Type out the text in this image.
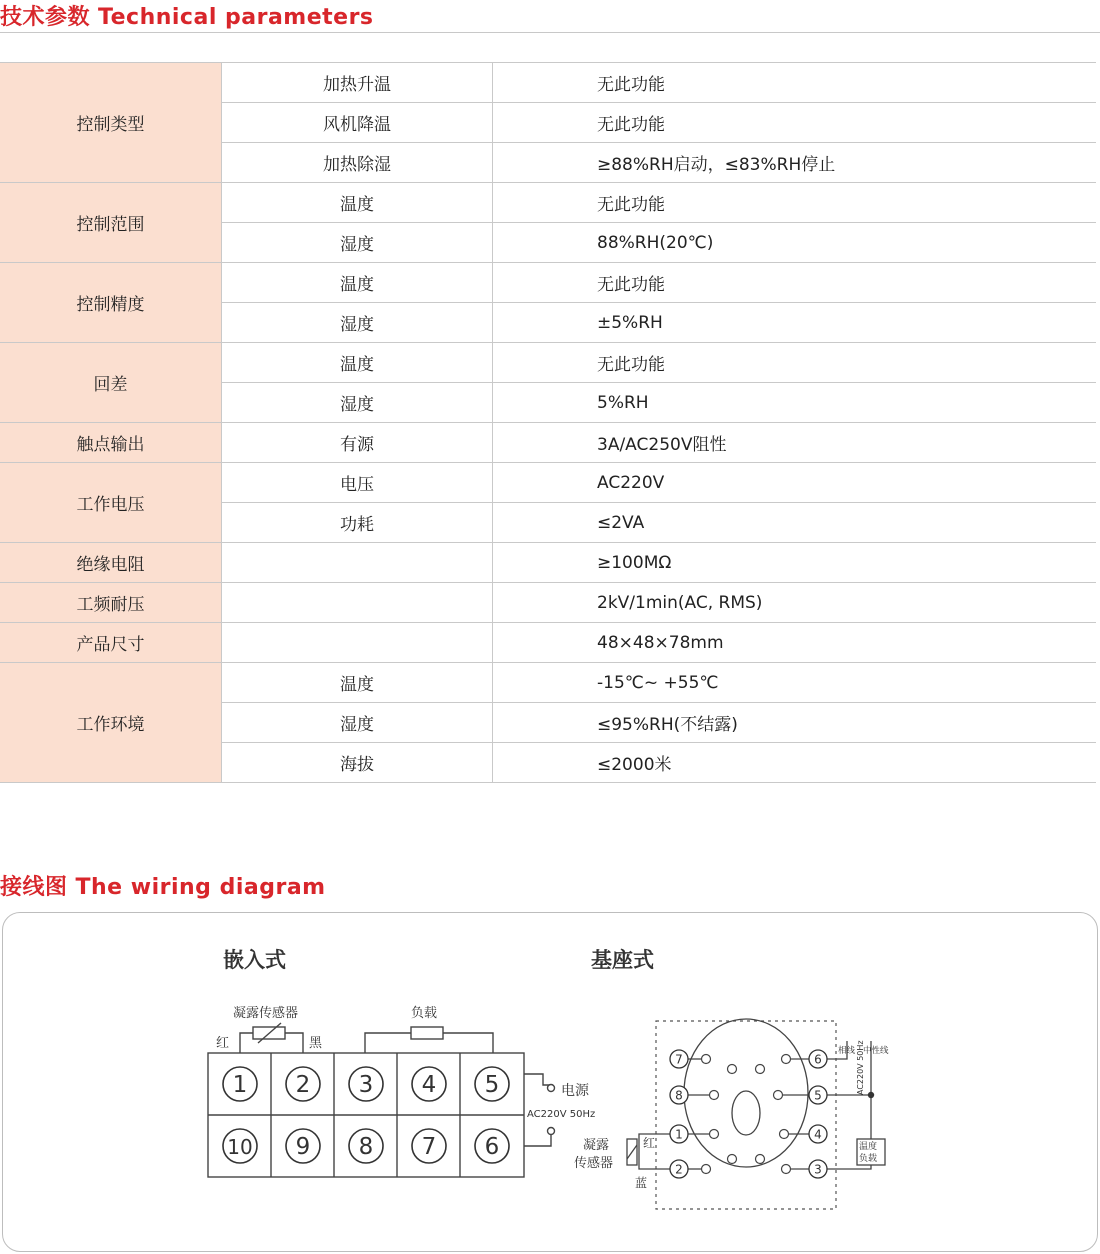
技术参数 Technical parameters
控制类型	加热升温	无此功能
	风机降温	无此功能
	加热除湿	≥88%RH启动，≤83%RH停止
控制范围	温度	无此功能
	湿度	88%RH(20℃)
控制精度	温度	无此功能
	湿度	±5%RH
回差	温度	无此功能
	湿度	5%RH
触点输出	有源	3A/AC250V阻性
工作电压	电压	AC220V
	功耗	≤2VA
绝缘电阻		≥100MΩ
工频耐压		2kV/1min(AC, RMS)
产品尺寸		48×48×78mm
工作环境	温度	-15℃~ +55℃
	湿度	≤95%RH(不结露)
	海拔	≤2000米
接线图 The wiring diagram
嵌入式
凝露传感器	负载
红	黑
电源
AC220V 50Hz
1 2 3 4 5
10 9 8 7 6
基座式
相线 中性线
AC220V 50Hz
温度
负载
凝露
传感器
红
蓝
7
8
1
2
6
5
4
3
